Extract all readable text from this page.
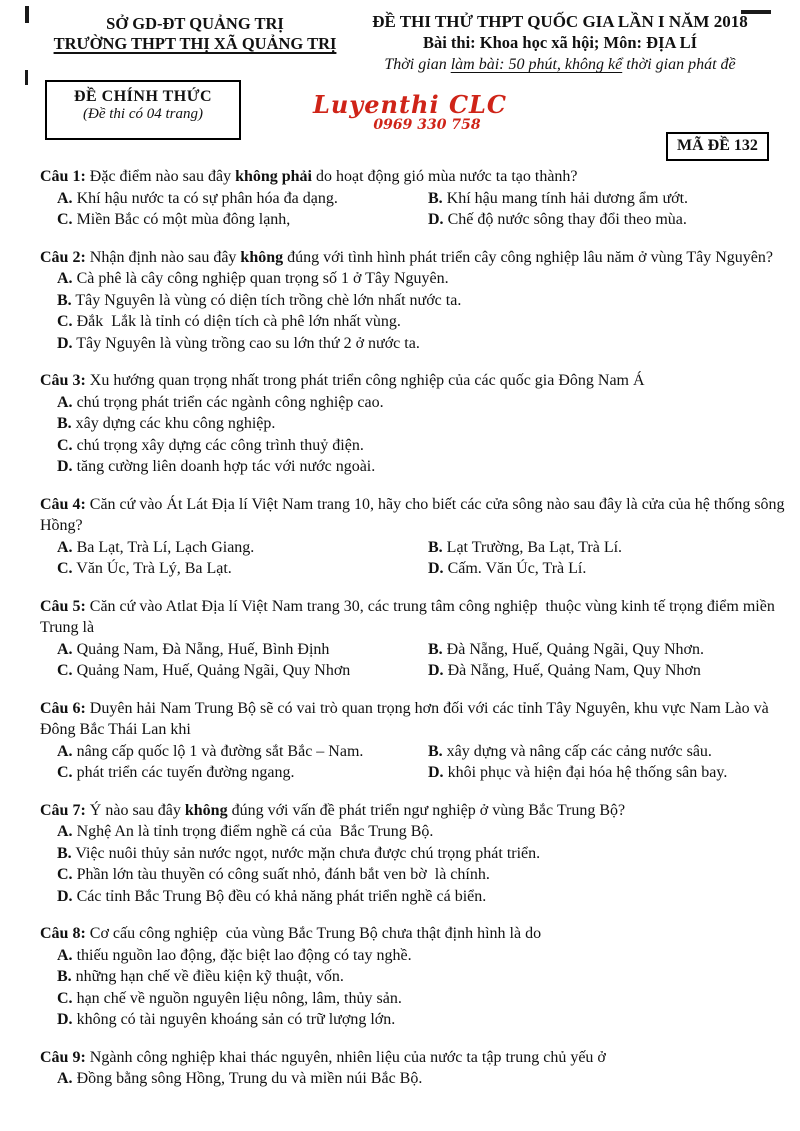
SỞ GD-ĐT QUẢNG TRỊ
TRƯỜNG THPT THỊ XÃ QUẢNG TRỊ
ĐỀ THI THỬ THPT QUỐC GIA LẦN I NĂM 2018
Bài thi: Khoa học xã hội; Môn: ĐỊA LÍ
Thời gian làm bài: 50 phút, không kể thời gian phát đề
ĐỀ CHÍNH THỨC
(Đề thi có 04 trang)	Luyenthi CLC
0969 330 758
MÃ ĐỀ 132
Câu 1: Đặc điểm nào sau đây không phải do hoạt động gió mùa nước ta tạo thành?
A. Khí hậu nước ta có sự phân hóa đa dạng.	B. Khí hậu mang tính hải dương ẩm ướt.
C. Miền Bắc có một mùa đông lạnh,	D. Chế độ nước sông thay đổi theo mùa.
Câu 2: Nhận định nào sau đây không đúng với tình hình phát triển cây công nghiệp lâu năm ở vùng Tây Nguyên?
A. Cà phê là cây công nghiệp quan trọng số 1 ở Tây Nguyên.
B. Tây Nguyên là vùng có diện tích trồng chè lớn nhất nước ta.
C. Đắk  Lắk là tỉnh có diện tích cà phê lớn nhất vùng.
D. Tây Nguyên là vùng trồng cao su lớn thứ 2 ở nước ta.
Câu 3: Xu hướng quan trọng nhất trong phát triển công nghiệp của các quốc gia Đông Nam Á
A. chú trọng phát triển các ngành công nghiệp cao.
B. xây dựng các khu công nghiệp.
C. chú trọng xây dựng các công trình thuỷ điện.
D. tăng cường liên doanh hợp tác với nước ngoài.
Câu 4: Căn cứ vào Át Lát Địa lí Việt Nam trang 10, hãy cho biết các cửa sông nào sau đây là cửa của hệ thống sông Hồng?
A. Ba Lạt, Trà Lí, Lạch Giang.	B. Lạt Trường, Ba Lạt, Trà Lí.
C. Văn Úc, Trà Lý, Ba Lạt.	D. Cấm. Văn Úc, Trà Lí.
Câu 5: Căn cứ vào Atlat Địa lí Việt Nam trang 30, các trung tâm công nghiệp  thuộc vùng kinh tế trọng điểm miền Trung là
A. Quảng Nam, Đà Nẵng, Huế, Bình Định	B. Đà Nẵng, Huế, Quảng Ngãi, Quy Nhơn.
C. Quảng Nam, Huế, Quảng Ngãi, Quy Nhơn	D. Đà Nẵng, Huế, Quảng Nam, Quy Nhơn
Câu 6: Duyên hải Nam Trung Bộ sẽ có vai trò quan trọng hơn đối với các tỉnh Tây Nguyên, khu vực Nam Lào và Đông Bắc Thái Lan khi
A. nâng cấp quốc lộ 1 và đường sắt Bắc – Nam.	B. xây dựng và nâng cấp các cảng nước sâu.
C. phát triển các tuyến đường ngang.	D. khôi phục và hiện đại hóa hệ thống sân bay.
Câu 7: Ý nào sau đây không đúng với vấn đề phát triển ngư nghiệp ở vùng Bắc Trung Bộ?
A. Nghệ An là tỉnh trọng điểm nghề cá của  Bắc Trung Bộ.
B. Việc nuôi thủy sản nước ngọt, nước mặn chưa được chú trọng phát triển.
C. Phần lớn tàu thuyền có công suất nhỏ, đánh bắt ven bờ  là chính.
D. Các tỉnh Bắc Trung Bộ đều có khả năng phát triển nghề cá biển.
Câu 8: Cơ cấu công nghiệp  của vùng Bắc Trung Bộ chưa thật định hình là do
A. thiếu nguồn lao động, đặc biệt lao động có tay nghề.
B. những hạn chế về điều kiện kỹ thuật, vốn.
C. hạn chế về nguồn nguyên liệu nông, lâm, thủy sản.
D. không có tài nguyên khoáng sản có trữ lượng lớn.
Câu 9: Ngành công nghiệp khai thác nguyên, nhiên liệu của nước ta tập trung chủ yếu ở
A. Đồng bằng sông Hồng, Trung du và miền núi Bắc Bộ.
